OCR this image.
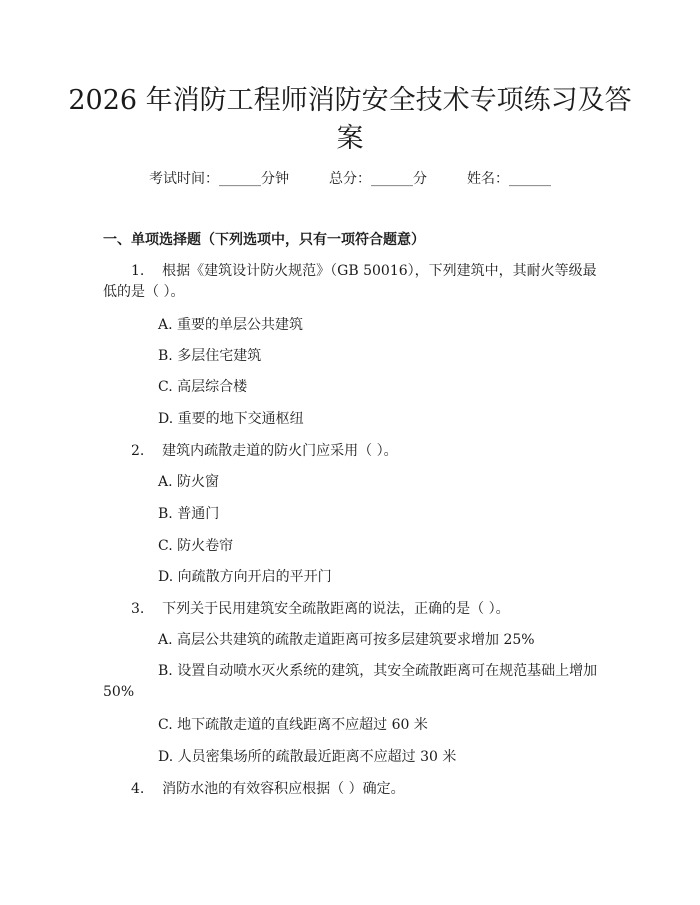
2026 年消防工程师消防安全技术专项练习及答案
考试时间：______分钟	总分：______分	姓名：______
一、单项选择题（下列选项中，只有一项符合题意）
1. 根据《建筑设计防火规范》（GB 50016），下列建筑中，其耐火等级最低的是（ ）。
A. 重要的单层公共建筑
B. 多层住宅建筑
C. 高层综合楼
D. 重要的地下交通枢纽
2. 建筑内疏散走道的防火门应采用（ ）。
A. 防火窗
B. 普通门
C. 防火卷帘
D. 向疏散方向开启的平开门
3. 下列关于民用建筑安全疏散距离的说法，正确的是（ ）。
A. 高层公共建筑的疏散走道距离可按多层建筑要求增加 25%
B. 设置自动喷水灭火系统的建筑，其安全疏散距离可在规范基础上增加 50%
C. 地下疏散走道的直线距离不应超过 60 米
D. 人员密集场所的疏散最近距离不应超过 30 米
4. 消防水池的有效容积应根据（ ）确定。
